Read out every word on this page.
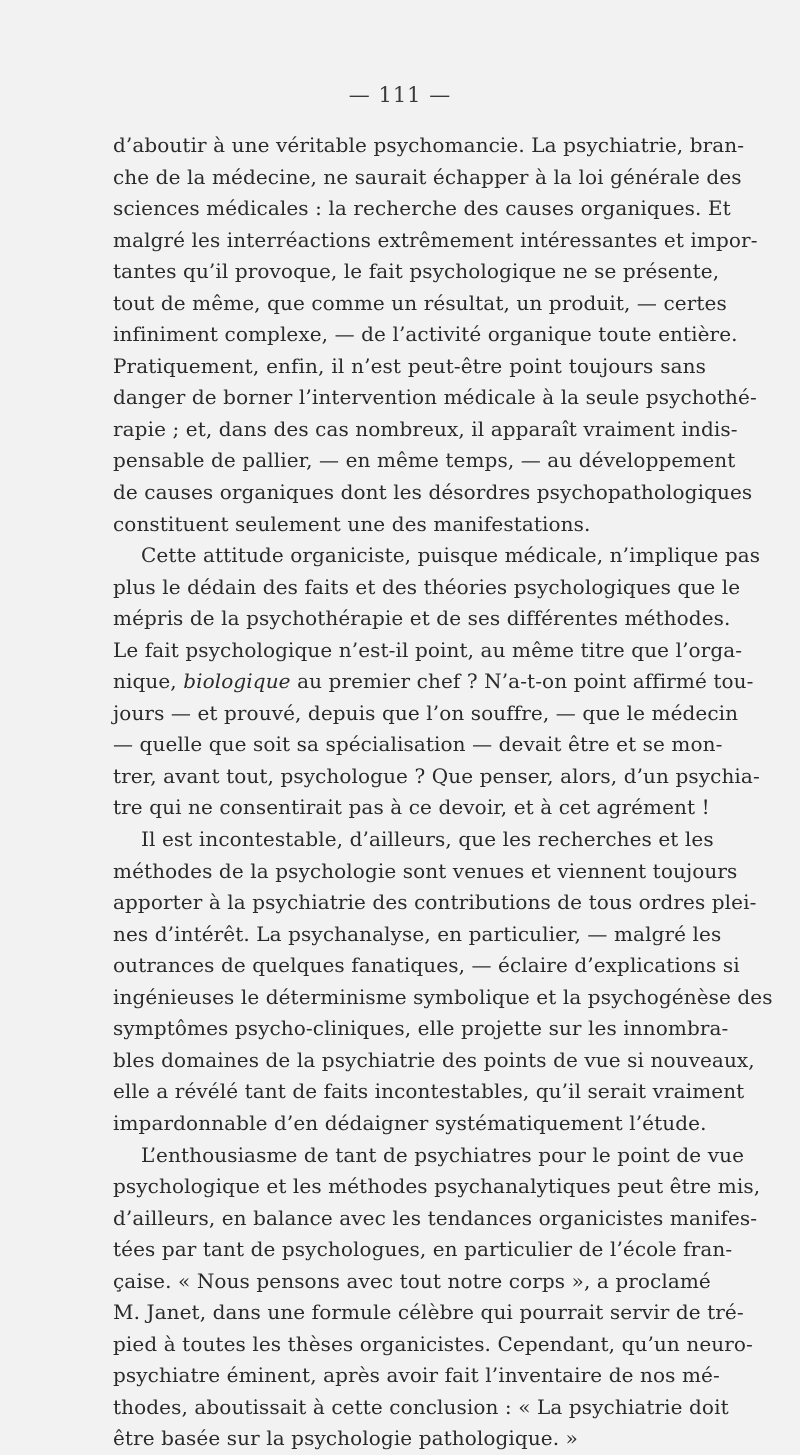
— 111 —
d’aboutir à une véritable psychomancie. La psychiatrie, bran-
che de la médecine, ne saurait échapper à la loi générale des
sciences médicales : la recherche des causes organiques. Et
malgré les interréactions extrêmement intéressantes et impor-
tantes qu’il provoque, le fait psychologique ne se présente,
tout de même, que comme un résultat, un produit, — certes
infiniment complexe, — de l’activité organique toute entière.
Pratiquement, enfin, il n’est peut-être point toujours sans
danger de borner l’intervention médicale à la seule psychothé-
rapie ; et, dans des cas nombreux, il apparaît vraiment indis-
pensable de pallier, — en même temps, — au développement
de causes organiques dont les désordres psychopathologiques
constituent seulement une des manifestations.
Cette attitude organiciste, puisque médicale, n’implique pas
plus le dédain des faits et des théories psychologiques que le
mépris de la psychothérapie et de ses différentes méthodes.
Le fait psychologique n’est-il point, au même titre que l’orga-
nique, biologique au premier chef ? N’a-t-on point affirmé tou-
jours — et prouvé, depuis que l’on souffre, — que le médecin
— quelle que soit sa spécialisation — devait être et se mon-
trer, avant tout, psychologue ? Que penser, alors, d’un psychia-
tre qui ne consentirait pas à ce devoir, et à cet agrément !
Il est incontestable, d’ailleurs, que les recherches et les
méthodes de la psychologie sont venues et viennent toujours
apporter à la psychiatrie des contributions de tous ordres plei-
nes d’intérêt. La psychanalyse, en particulier, — malgré les
outrances de quelques fanatiques, — éclaire d’explications si
ingénieuses le déterminisme symbolique et la psychogénèse des
symptômes psycho-cliniques, elle projette sur les innombra-
bles domaines de la psychiatrie des points de vue si nouveaux,
elle a révélé tant de faits incontestables, qu’il serait vraiment
impardonnable d’en dédaigner systématiquement l’étude.
L’enthousiasme de tant de psychiatres pour le point de vue
psychologique et les méthodes psychanalytiques peut être mis,
d’ailleurs, en balance avec les tendances organicistes manifes-
tées par tant de psychologues, en particulier de l’école fran-
çaise. « Nous pensons avec tout notre corps », a proclamé
M. Janet, dans une formule célèbre qui pourrait servir de tré-
pied à toutes les thèses organicistes. Cependant, qu’un neuro-
psychiatre éminent, après avoir fait l’inventaire de nos mé-
thodes, aboutissait à cette conclusion : « La psychiatrie doit
être basée sur la psychologie pathologique. »
